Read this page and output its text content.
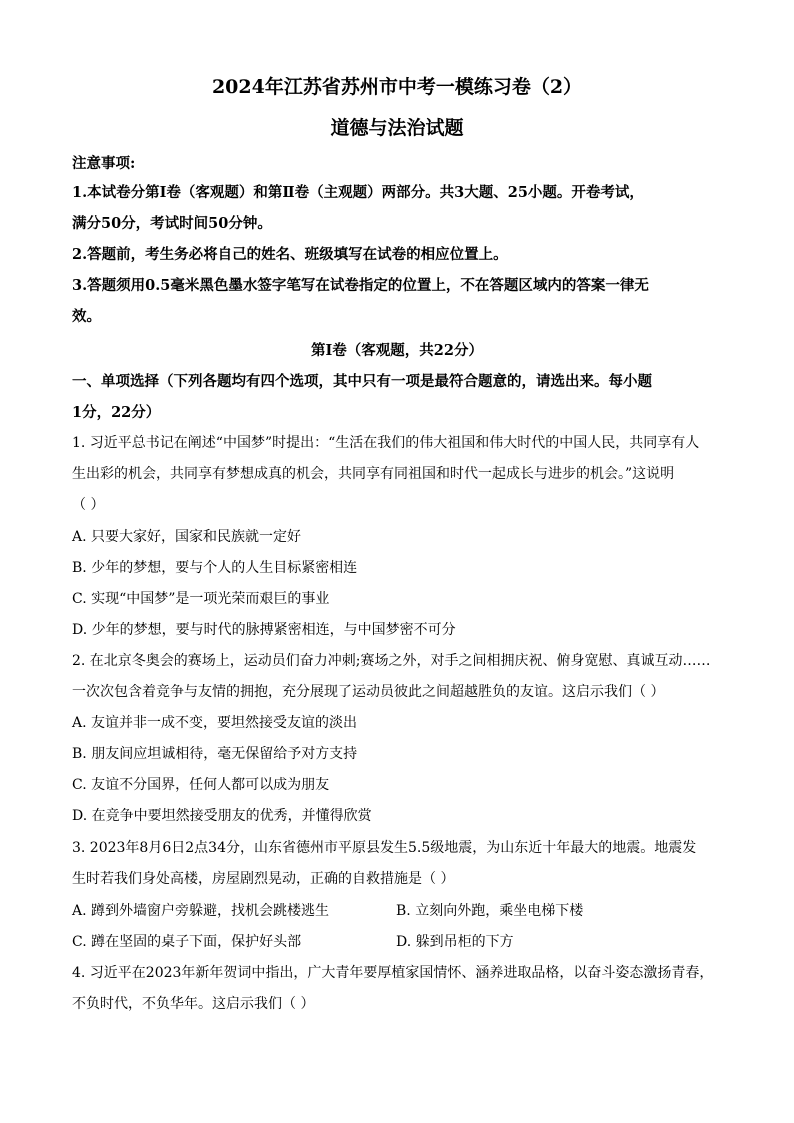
2024年江苏省苏州市中考一模练习卷（2）
道德与法治试题
注意事项:
1.本试卷分第Ⅰ卷（客观题）和第Ⅱ卷（主观题）两部分。共3大题、25小题。开卷考试，
满分50分，考试时间50分钟。
2.答题前，考生务必将自己的姓名、班级填写在试卷的相应位置上。
3.答题须用0.5毫米黑色墨水签字笔写在试卷指定的位置上，不在答题区域内的答案一律无
效。
第Ⅰ卷（客观题，共22分）
一、单项选择（下列各题均有四个选项，其中只有一项是最符合题意的，请选出来。每小题
1分，22分）
1. 习近平总书记在阐述“中国梦”时提出：“生活在我们的伟大祖国和伟大时代的中国人民，共同享有人
生出彩的机会，共同享有梦想成真的机会，共同享有同祖国和时代一起成长与进步的机会。”这说明
（ ）
A. 只要大家好，国家和民族就一定好
B. 少年的梦想，要与个人的人生目标紧密相连
C. 实现“中国梦”是一项光荣而艰巨的事业
D. 少年的梦想，要与时代的脉搏紧密相连，与中国梦密不可分
2. 在北京冬奥会的赛场上，运动员们奋力冲刺;赛场之外，对手之间相拥庆祝、俯身宽慰、真诚互动……
一次次包含着竞争与友情的拥抱，充分展现了运动员彼此之间超越胜负的友谊。这启示我们（ ）
A. 友谊并非一成不变，要坦然接受友谊的淡出
B. 朋友间应坦诚相待，毫无保留给予对方支持
C. 友谊不分国界，任何人都可以成为朋友
D. 在竞争中要坦然接受朋友的优秀，并懂得欣赏
3. 2023年8月6日2点34分，山东省德州市平原县发生5.5级地震，为山东近十年最大的地震。地震发
生时若我们身处高楼，房屋剧烈晃动，正确的自救措施是（ ）
A. 蹲到外墙窗户旁躲避，找机会跳楼逃生	B. 立刻向外跑，乘坐电梯下楼
C. 蹲在坚固的桌子下面，保护好头部	D. 躲到吊柜的下方
4. 习近平在2023年新年贺词中指出，广大青年要厚植家国情怀、涵养进取品格，以奋斗姿态激扬青春，
不负时代，不负华年。这启示我们（ ）
